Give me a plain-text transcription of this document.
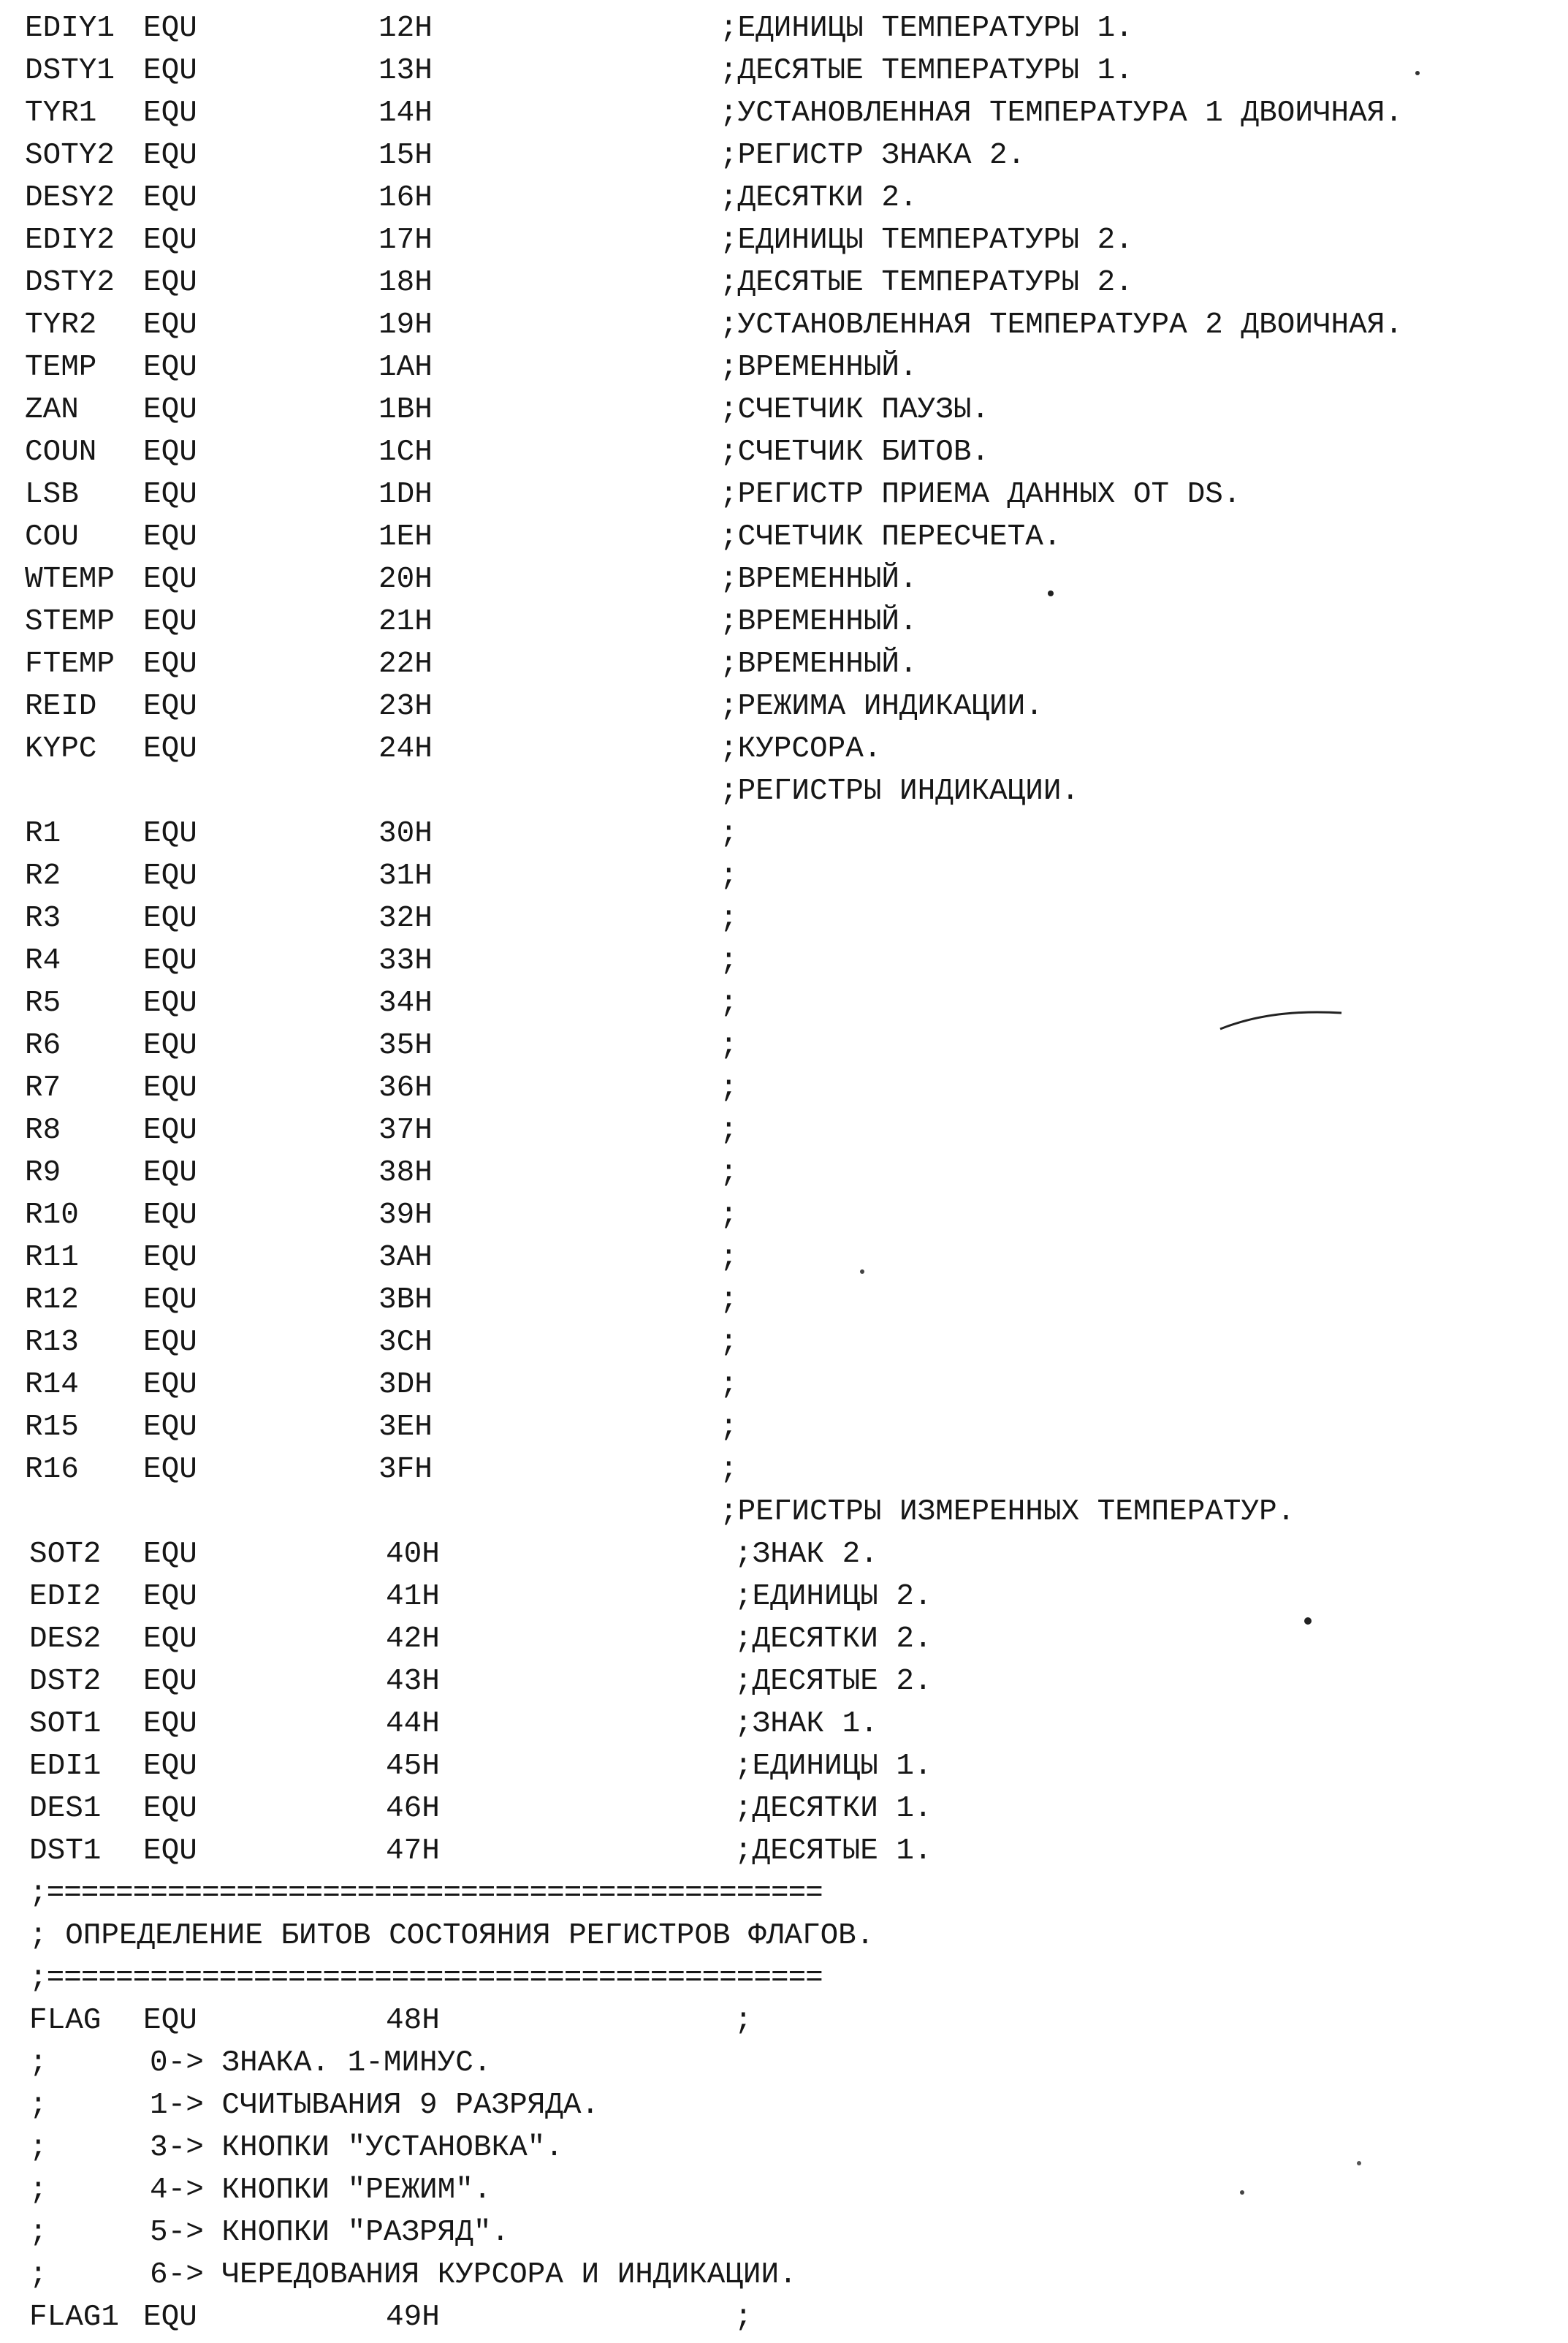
EDIY1 EQU	12H	;ЕДИНИЦЫ ТЕМПЕРАТУРЫ 1.
DSTY1 EQU	13H	;ДЕСЯТЫЕ ТЕМПЕРАТУРЫ 1.
TYR1 EQU	14H	;УСТАНОВЛЕННАЯ ТЕМПЕРАТУРА 1 ДВОИЧНАЯ.
SOTY2 EQU	15H	;РЕГИСТР ЗНАКА 2.
DESY2 EQU	16H	;ДЕСЯТКИ 2.
EDIY2 EQU	17H	;ЕДИНИЦЫ ТЕМПЕРАТУРЫ 2.
DSTY2 EQU	18H	;ДЕСЯТЫЕ ТЕМПЕРАТУРЫ 2.
TYR2 EQU	19H	;УСТАНОВЛЕННАЯ ТЕМПЕРАТУРА 2 ДВОИЧНАЯ.
TEMP EQU	1AH	;ВРЕМЕННЫЙ.
ZAN EQU	1BH	;СЧЕТЧИК ПАУЗЫ.
COUN EQU	1CH	;СЧЕТЧИК БИТОВ.
LSB EQU	1DH	;РЕГИСТР ПРИЕМА ДАННЫХ ОТ DS.
COU EQU	1EH	;СЧЕТЧИК ПЕРЕСЧЕТА.
WTEMP EQU	20H	;ВРЕМЕННЫЙ.
STEMP EQU	21H	;ВРЕМЕННЫЙ.
FTEMP EQU	22H	;ВРЕМЕННЫЙ.
REID EQU	23H	;РЕЖИМА ИНДИКАЦИИ.
KYPC EQU	24H	;КУРСОРА.
;РЕГИСТРЫ ИНДИКАЦИИ.
R1	EQU	30H	;
R2	EQU	31H	;
R3	EQU	32H	;
R4	EQU	33H	;
R5	EQU	34H	;
R6	EQU	35H	;
R7	EQU	36H	;
R8	EQU	37H	;
R9	EQU	38H	;
R10 EQU	39H	;
R11 EQU	3AH	;
R12 EQU	3BH	;
R13 EQU	3CH	;
R14 EQU	3DH	;
R15 EQU	3EH	;
R16 EQU	3FH	;
;РЕГИСТРЫ ИЗМЕРЕННЫХ ТЕМПЕРАТУР.
SOT2 EQU	40H	;ЗНАК 2.
EDI2 EQU	41H	;ЕДИНИЦЫ 2.
DES2 EQU	42H	;ДЕСЯТКИ 2.
DST2 EQU	43H	;ДЕСЯТЫЕ 2.
SOT1 EQU	44H	;ЗНАК 1.
EDI1 EQU	45H	;ЕДИНИЦЫ 1.
DES1 EQU	46H	;ДЕСЯТКИ 1.
DST1 EQU	47H	;ДЕСЯТЫЕ 1.
;=============================================
; ОПРЕДЕЛЕНИЕ БИТОВ СОСТОЯНИЯ РЕГИСТРОВ ФЛАГОВ.
;=============================================
FLAG EQU	48H	;
;	0-> ЗНАКА. 1-МИНУС.
;	1-> СЧИТЫВАНИЯ 9 РАЗРЯДА.
;	3-> КНОПКИ "УСТАНОВКА".
;	4-> КНОПКИ "РЕЖИМ".
;	5-> КНОПКИ "РАЗРЯД".
;	6-> ЧЕРЕДОВАНИЯ КУРСОРА И ИНДИКАЦИИ.
FLAG1 EQU	49H	;
